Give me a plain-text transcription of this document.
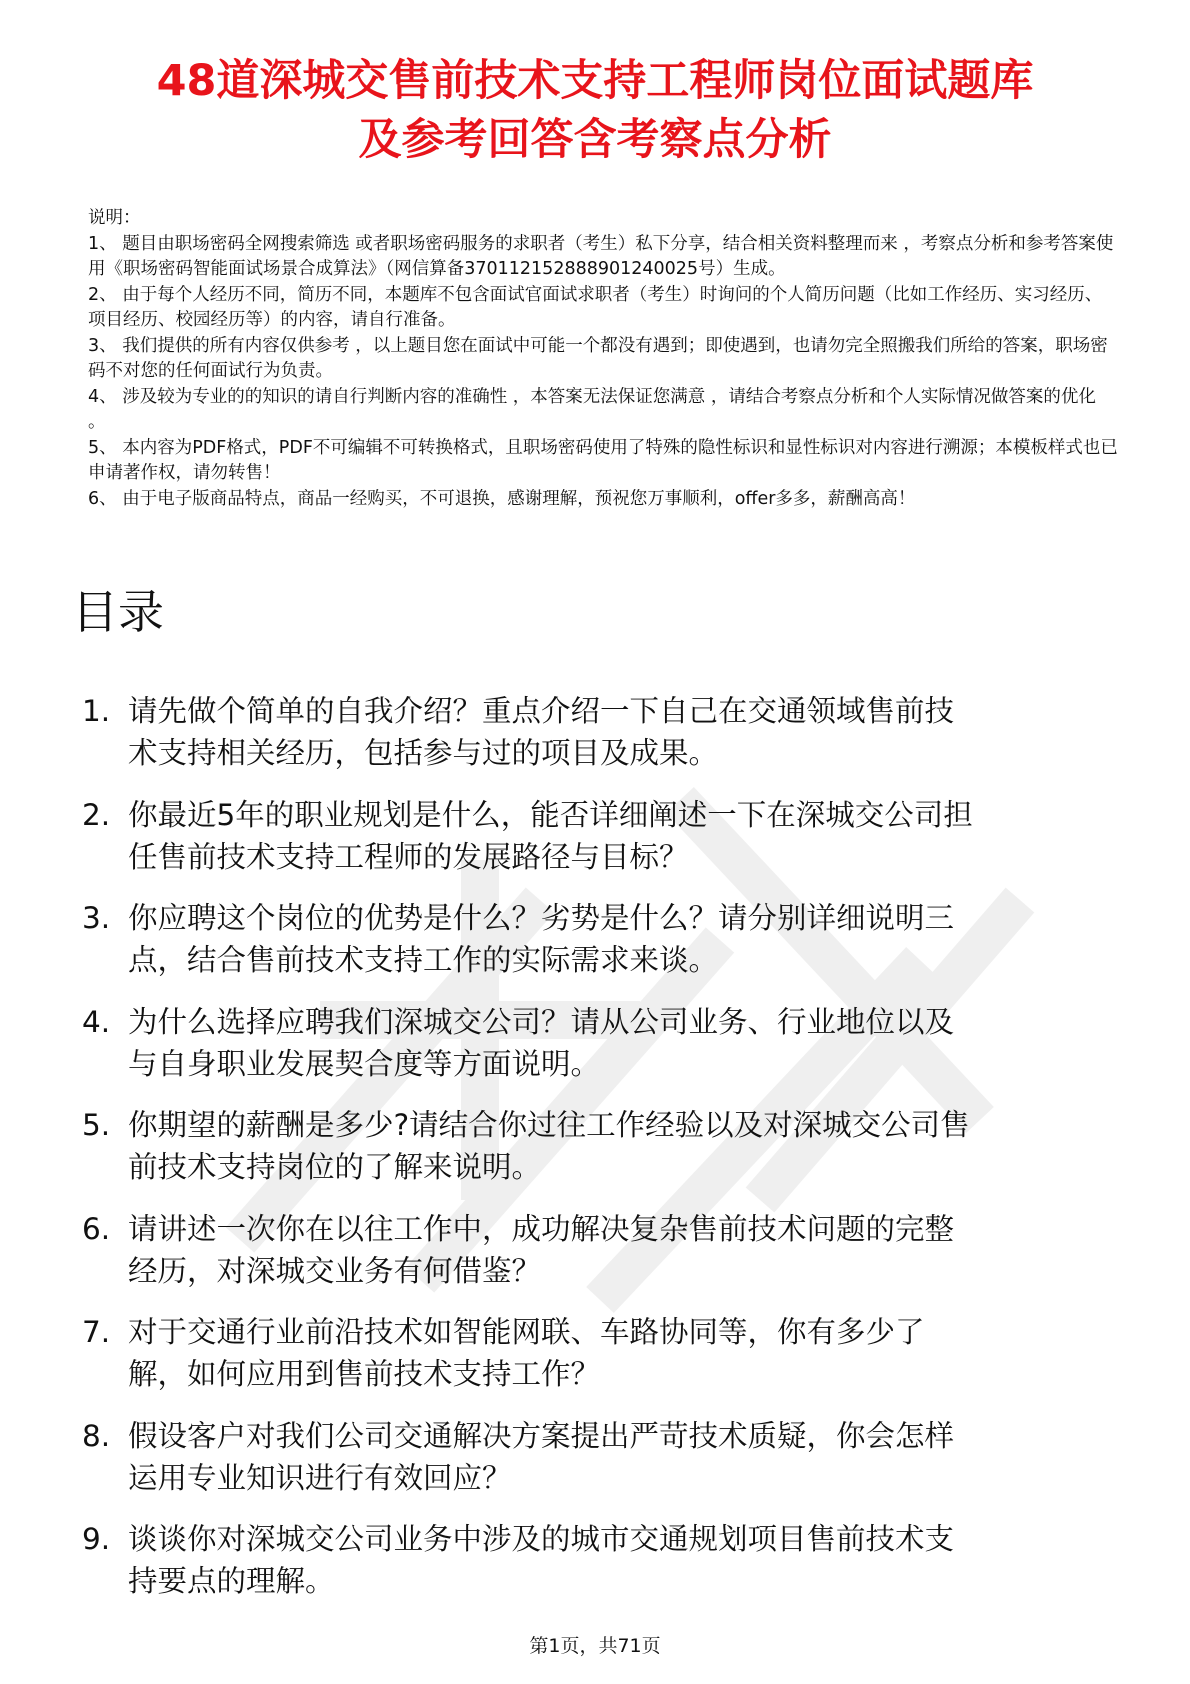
48道深城交售前技术支持工程师岗位面试题库
及参考回答含考察点分析

说明：

1、 题目由职场密码全网搜索筛选 或者职场密码服务的求职者（考生）私下分享，结合相关资料整理而来 ，考察点分析和参考答案使用《职场密码智能面试场景合成算法》（网信算备370112152888901240025号）生成。

2、 由于每个人经历不同，简历不同，本题库不包含面试官面试求职者（考生）时询问的个人简历问题（比如工作经历、实习经历、项目经历、校园经历等）的内容，请自行准备。

3、 我们提供的所有内容仅供参考 ，以上题目您在面试中可能一个都没有遇到；即使遇到，也请勿完全照搬我们所给的答案，职场密码不对您的任何面试行为负责。

4、 涉及较为专业的的知识的请自行判断内容的准确性 ，本答案无法保证您满意 ，请结合考察点分析和个人实际情况做答案的优化 。

5、 本内容为PDF格式，PDF不可编辑不可转换格式，且职场密码使用了特殊的隐性标识和显性标识对内容进行溯源；本模板样式也已申请著作权，请勿转售！

6、 由于电子版商品特点，商品一经购买，不可退换，感谢理解，预祝您万事顺利，offer多多，薪酬高高！

目录
1. 请先做个简单的自我介绍？重点介绍一下自己在交通领域售前技
术支持相关经历，包括参与过的项目及成果。
2. 你最近5年的职业规划是什么，能否详细阐述一下在深城交公司担
任售前技术支持工程师的发展路径与目标？
3. 你应聘这个岗位的优势是什么？劣势是什么？请分别详细说明三
点，结合售前技术支持工作的实际需求来谈。
4. 为什么选择应聘我们深城交公司？请从公司业务、行业地位以及
与自身职业发展契合度等方面说明。
5. 你期望的薪酬是多少?请结合你过往工作经验以及对深城交公司售
前技术支持岗位的了解来说明。
6. 请讲述一次你在以往工作中，成功解决复杂售前技术问题的完整
经历，对深城交业务有何借鉴？
7. 对于交通行业前沿技术如智能网联、车路协同等，你有多少了
解，如何应用到售前技术支持工作？
8. 假设客户对我们公司交通解决方案提出严苛技术质疑，你会怎样
运用专业知识进行有效回应？
9. 谈谈你对深城交公司业务中涉及的城市交通规划项目售前技术支
持要点的理解。
第1页，共71页
